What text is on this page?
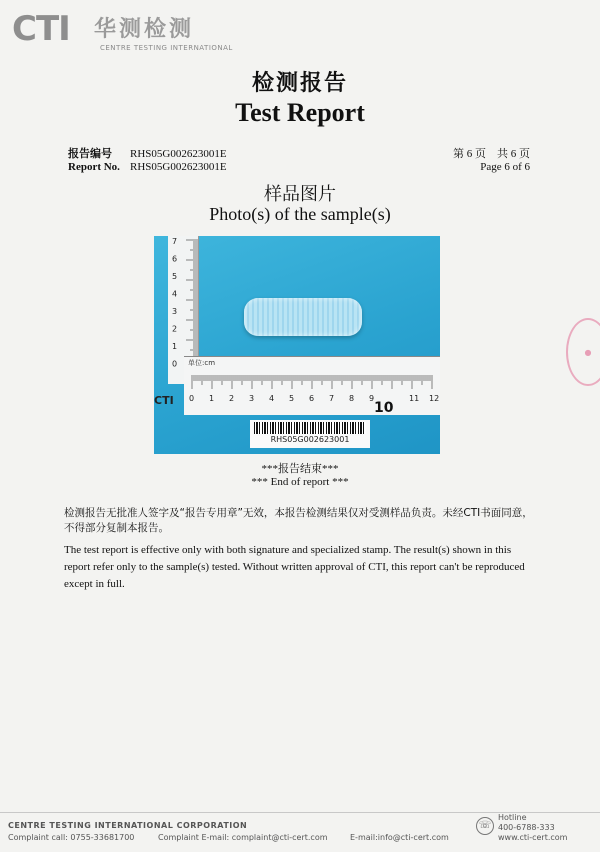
CTI 华测检测
CENTRE TESTING INTERNATIONAL
检测报告
Test Report
报告编号 RHS05G002623001E
Report No. RHS05G002623001E
第 6 页    共 6 页
Page 6 of 6
样品图片
Photo(s) of the sample(s)
7
6
5
4
3
2
1
0
0 1 2 3 4 5 6 7 8 9	11 12
单位:cm
CTI	10
RHS05G002623001
***报告结束***
*** End of report ***
检测报告无批准人签字及“报告专用章”无效，本报告检测结果仅对受测样品负责。未经CTI书面同意，不得部分复制本报告。
The test report is effective only with both signature and specialized stamp. The result(s) shown in this report refer only to the sample(s) tested. Without written approval of CTI, this report can't be reproduced except in full.
●
CENTRE TESTING INTERNATIONAL CORPORATION
Complaint call: 0755-33681700	Complaint E-mail: complaint@cti-cert.com	E-mail:info@cti-cert.com
☏
Hotline
400-6788-333
www.cti-cert.com
